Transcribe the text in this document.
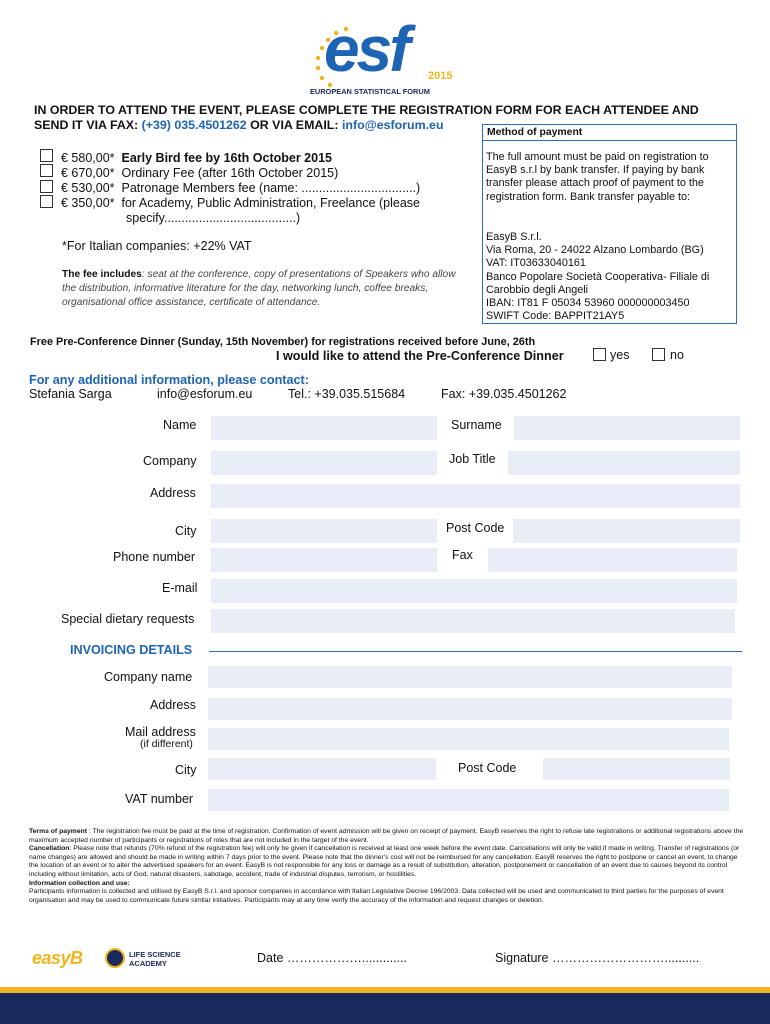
esf 2015
EUROPEAN STATISTICAL FORUM
IN ORDER TO ATTEND THE EVENT, PLEASE COMPLETE THE REGISTRATION FORM FOR EACH ATTENDEE AND
SEND IT VIA FAX: (+39) 035.4501262 OR VIA EMAIL: info@esforum.eu
€ 580,00* Early Bird fee by 16th October 2015
€ 670,00* Ordinary Fee (after 16th October 2015)
€ 530,00* Patronage Members fee (name: .................................)
€ 350,00* for Academy, Public Administration, Freelance (please
specify......................................)
*For Italian companies: +22% VAT
The fee includes: seat at the conference, copy of presentations of Speakers who allow the distribution, informative literature for the day, networking lunch, coffee breaks, organisational office assistance, certificate of attendance.
Method of payment
The full amount must be paid on registration to EasyB s.r.l by bank transfer. If paying by bank transfer please attach proof of payment to the registration form. Bank transfer payable to:
EasyB S.r.l.
Via Roma, 20 - 24022 Alzano Lombardo (BG)
VAT: IT03633040161
Banco Popolare Società Cooperativa- Filiale di
Carobbio degli Angeli
IBAN: IT81 F 05034 53960 000000003450
SWIFT Code: BAPPIT21AY5
Free Pre-Conference Dinner (Sunday, 15th November) for registrations received before June, 26th
I would like to attend the Pre-Conference Dinner	yes	no
For any additional information, please contact:
Stefania Sarga	info@esforum.eu	Tel.: +39.035.515684	Fax: +39.035.4501262
Name	Surname
Company	Job Title
Address
City	Post Code
Phone number	Fax
E-mail
Special dietary requests
INVOICING DETAILS
Company name
Address
Mail address
(if different)
City	Post Code
VAT number
Terms of payment : The registration fee must be paid at the time of registration. Confirmation of event admission will be given on receipt of payment. EasyB reserves the right to refuse late registrations or additional registrations above the maximum accepted number of participants or registrations of roles that are not included in the target of the event.
Cancellation: Please note that refunds (70% refund of the registration fee) will only be given if cancellation is received at least one week before the event date. Cancellations will only be valid if made in writing. Transfer of registrations (or name changes) are allowed and should be made in writing within 7 days prior to the event. Please note that the dinner's cost will not be reimbursed for any cancellation. EasyB reserves the right to postpone or cancel an event, to change the location of an event or to alter the advertised speakers for an event. EasyB is not responsible for any loss or damage as a result of substitution, alteration, postponement or cancellation of an event due to causes beyond its control including without limitation, acts of God, natural disasters, sabotage, accident, trade of industrial disputes, terrorism, or hostilities.
Information collection and use:
Participants information is collected and utilised by EasyB S.r.l. and sponsor companies in accordance with Italian Legislative Decree 196/2003. Data collected will be used and communicated to third parties for the purposes of event organisation and may be used to communicate future similar initiatives. Participants may at any time verify the accuracy of the information and request changes or deletion.
easyB	LIFE SCIENCE
ACADEMY	Date ……………….............	Signature ………………………..........
